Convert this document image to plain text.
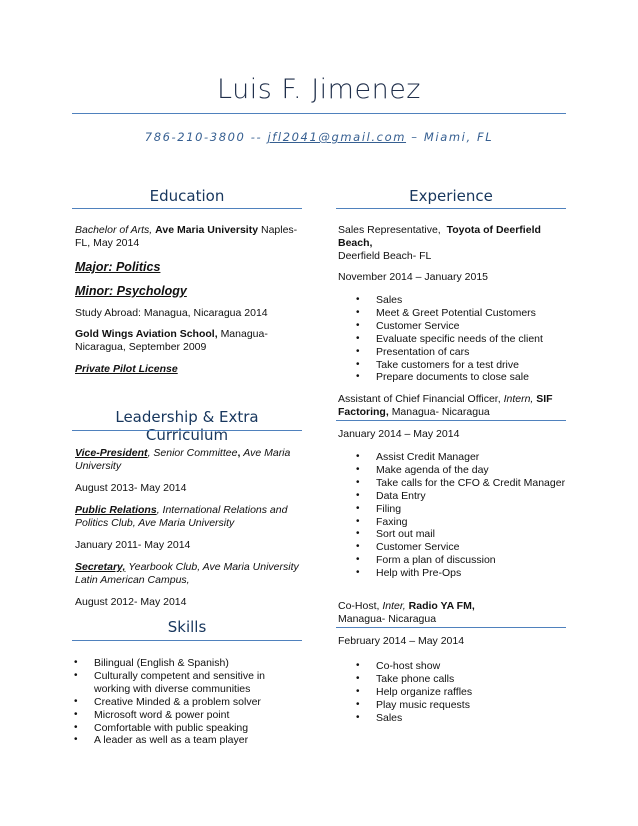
Luis F. Jimenez
786-210-3800 -- jfl2041@gmail.com – Miami, FL
Education
Bachelor of Arts, Ave Maria University Naples-
FL, May 2014
Major: Politics
Minor: Psychology
Study Abroad: Managua, Nicaragua 2014
Gold Wings Aviation School, Managua-
Nicaragua, September 2009
Private Pilot License
Leadership & Extra Curriculum
Vice-President, Senior Committee, Ave Maria
University
August 2013- May 2014
Public Relations, International Relations and
Politics Club, Ave Maria University
January 2011- May 2014
Secretary, Yearbook Club, Ave Maria University
Latin American Campus,
August 2012- May 2014
Skills
• Bilingual (English & Spanish)
• Culturally competent and sensitive in working with diverse communities
• Creative Minded & a problem solver
• Microsoft word & power point
• Comfortable with public speaking
• A leader as well as a team player
Experience
Sales Representative, Toyota of Deerfield
Beach,
Deerfield Beach- FL
November 2014 – January 2015
• Sales
• Meet & Greet Potential Customers
• Customer Service
• Evaluate specific needs of the client
• Presentation of cars
• Take customers for a test drive
• Prepare documents to close sale
Assistant of Chief Financial Officer, Intern, SIF
Factoring, Managua- Nicaragua
January 2014 – May 2014
• Assist Credit Manager
• Make agenda of the day
• Take calls for the CFO & Credit Manager
• Data Entry
• Filing
• Faxing
• Sort out mail
• Customer Service
• Form a plan of discussion
• Help with Pre-Ops
Co-Host, Inter, Radio YA FM,
Managua- Nicaragua
February 2014 – May 2014
• Co-host show
• Take phone calls
• Help organize raffles
• Play music requests
• Sales
